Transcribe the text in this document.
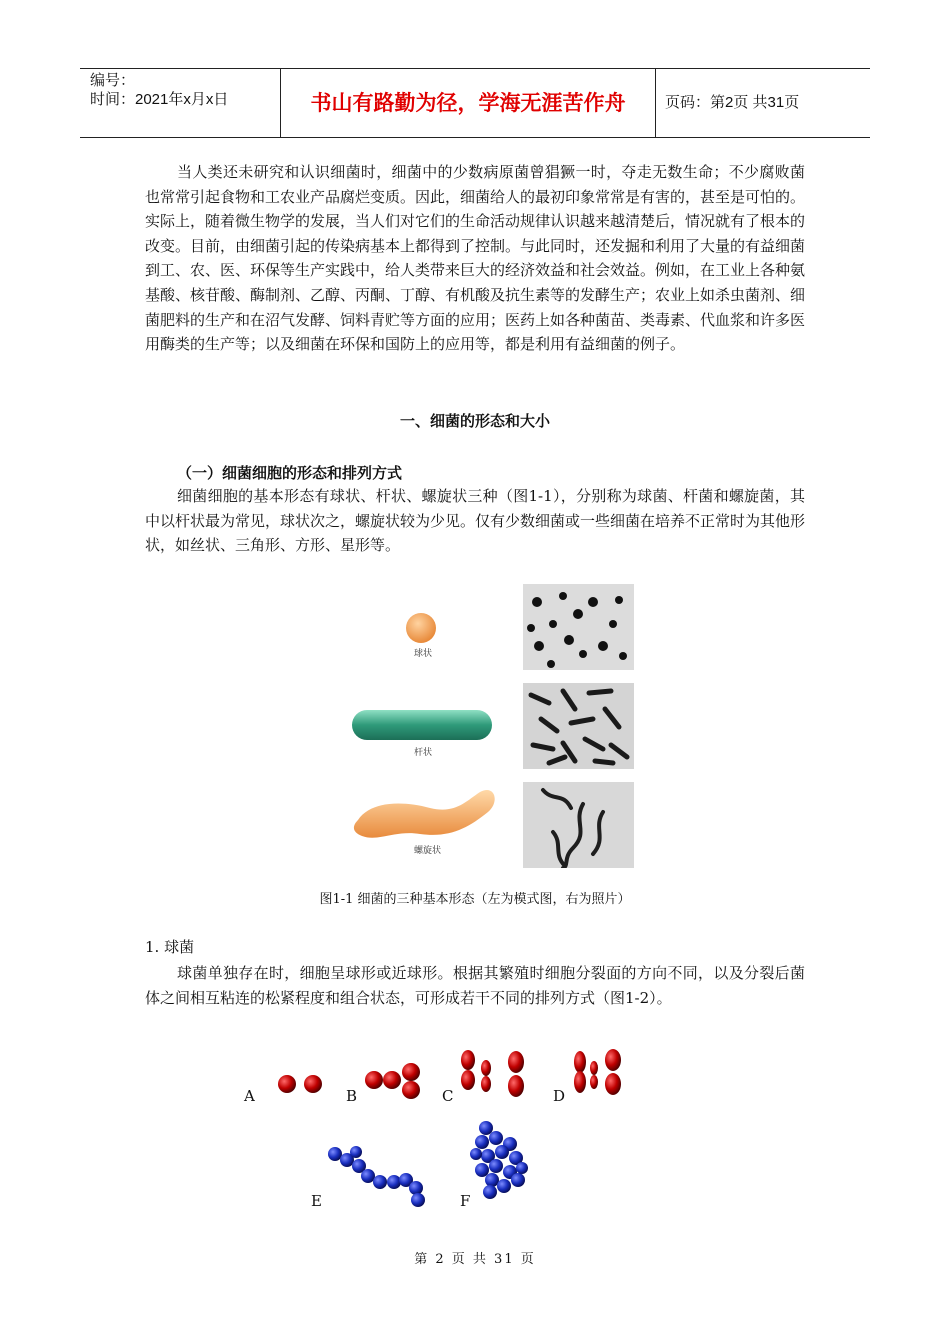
编号：
时间：2021年x月x日	书山有路勤为径，学海无涯苦作舟	页码：第2页 共31页

当人类还未研究和认识细菌时，细菌中的少数病原菌曾猖獗一时，夺走无数生命；不少腐败菌也常常引起食物和工农业产品腐烂变质。因此，细菌给人的最初印象常常是有害的，甚至是可怕的。实际上，随着微生物学的发展，当人们对它们的生命活动规律认识越来越清楚后，情况就有了根本的改变。目前，由细菌引起的传染病基本上都得到了控制。与此同时，还发掘和利用了大量的有益细菌到工、农、医、环保等生产实践中，给人类带来巨大的经济效益和社会效益。例如，在工业上各种氨基酸、核苷酸、酶制剂、乙醇、丙酮、丁醇、有机酸及抗生素等的发酵生产；农业上如杀虫菌剂、细菌肥料的生产和在沼气发酵、饲料青贮等方面的应用；医药上如各种菌苗、类毒素、代血浆和许多医用酶类的生产等；以及细菌在环保和国防上的应用等，都是利用有益细菌的例子。

一、细菌的形态和大小
（一）细菌细胞的形态和排列方式

细菌细胞的基本形态有球状、杆状、螺旋状三种（图1-1），分别称为球菌、杆菌和螺旋菌，其中以杆状最为常见，球状次之，螺旋状较为少见。仅有少数细菌或一些细菌在培养不正常时为其他形状，如丝状、三角形、方形、星形等。

球状
杆状
螺旋状
图1-1 细菌的三种基本形态（左为模式图，右为照片）
1. 球菌

球菌单独存在时，细胞呈球形或近球形。根据其繁殖时细胞分裂面的方向不同，以及分裂后菌体之间相互粘连的松紧程度和组合状态，可形成若干不同的排列方式（图1-2）。

A	B	C	D
E	F
第 2 页 共 31 页
